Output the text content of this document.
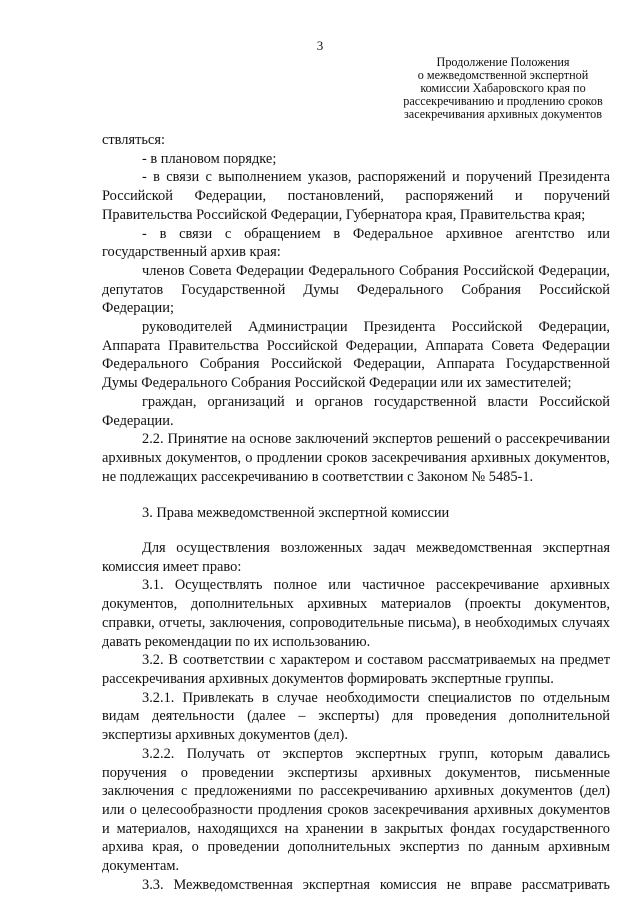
3
Продолжение Положения
о межведомственной экспертной
комиссии Хабаровского края по
рассекречиванию и продлению сроков
засекречивания архивных документов

ствляться:

- в плановом порядке;

- в связи с выполнением указов, распоряжений и поручений Президента Российской Федерации, постановлений, распоряжений и поручений Правительства Российской Федерации, Губернатора края, Правительства края;

- в связи с обращением в Федеральное архивное агентство или государственный архив края:

членов Совета Федерации Федерального Собрания Российской Федерации, депутатов Государственной Думы Федерального Собрания Российской Федерации;

руководителей Администрации Президента Российской Федерации, Аппарата Правительства Российской Федерации, Аппарата Совета Федерации Федерального Собрания Российской Федерации, Аппарата Государственной Думы Федерального Собрания Российской Федерации или их заместителей;

граждан, организаций и органов государственной власти Российской Федерации.

2.2. Принятие на основе заключений экспертов решений о рассекречивании архивных документов, о продлении сроков засекречивания архивных документов, не подлежащих рассекречиванию в соответствии с Законом № 5485-1.

3. Права межведомственной экспертной комиссии

Для осуществления возложенных задач межведомственная экспертная комиссия имеет право:

3.1. Осуществлять полное или частичное рассекречивание архивных документов, дополнительных архивных материалов (проекты документов, справки, отчеты, заключения, сопроводительные письма), в необходимых случаях давать рекомендации по их использованию.

3.2. В соответствии с характером и составом рассматриваемых на предмет рассекречивания архивных документов формировать экспертные группы.

3.2.1. Привлекать в случае необходимости специалистов по отдельным видам деятельности (далее – эксперты) для проведения дополнительной экспертизы архивных документов (дел).

3.2.2. Получать от экспертов экспертных групп, которым давались поручения о проведении экспертизы архивных документов, письменные заключения с предложениями по рассекречиванию архивных документов (дел) или о целесообразности продления сроков засекречивания архивных документов и материалов, находящихся на хранении в закрытых фондах государственного архива края, о проведении дополнительных экспертиз по данным архивным документам.

3.3. Межведомственная экспертная комиссия не вправе рассматривать
